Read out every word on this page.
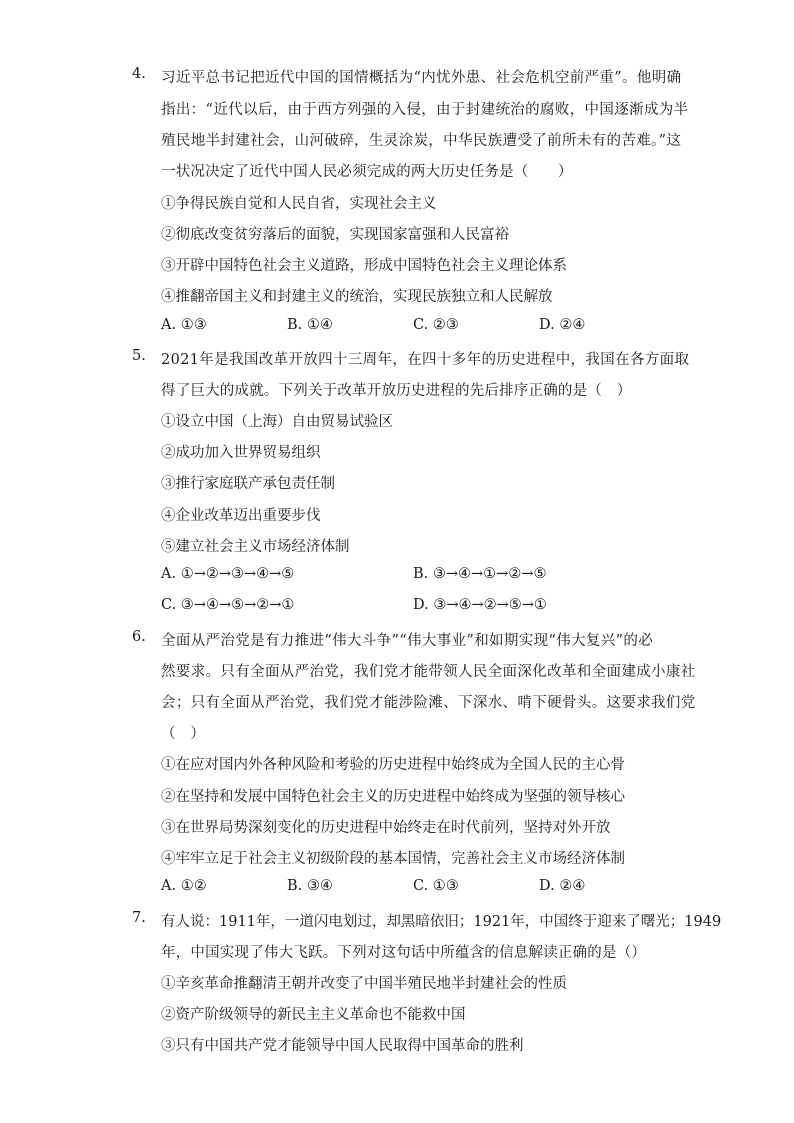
4.	习近平总书记把近代中国的国情概括为“内忧外患、社会危机空前严重”。他明确
指出：“近代以后，由于西方列强的入侵，由于封建统治的腐败，中国逐渐成为半
殖民地半封建社会，山河破碎，生灵涂炭，中华民族遭受了前所未有的苦难。”这
一状况决定了近代中国人民必须完成的两大历史任务是（　　）
①争得民族自觉和人民自省，实现社会主义
②彻底改变贫穷落后的面貌，实现国家富强和人民富裕
③开辟中国特色社会主义道路，形成中国特色社会主义理论体系
④推翻帝国主义和封建主义的统治，实现民族独立和人民解放
A. ①③	B. ①④	C. ②③	D. ②④
5.	2021年是我国改革开放四十三周年，在四十多年的历史进程中，我国在各方面取
得了巨大的成就。下列关于改革开放历史进程的先后排序正确的是（　）
①设立中国（上海）自由贸易试验区
②成功加入世界贸易组织
③推行家庭联产承包责任制
④企业改革迈出重要步伐
⑤建立社会主义市场经济体制
A. ①→②→③→④→⑤	B. ③→④→①→②→⑤
C. ③→④→⑤→②→①	D. ③→④→②→⑤→①
6.	全面从严治党是有力推进“伟大斗争”“伟大事业”和如期实现“伟大复兴”的必
然要求。只有全面从严治党，我们党才能带领人民全面深化改革和全面建成小康社
会；只有全面从严治党，我们党才能涉险滩、下深水、啃下硬骨头。这要求我们党
（　）
①在应对国内外各种风险和考验的历史进程中始终成为全国人民的主心骨
②在坚持和发展中国特色社会主义的历史进程中始终成为坚强的领导核心
③在世界局势深刻变化的历史进程中始终走在时代前列，坚持对外开放
④牢牢立足于社会主义初级阶段的基本国情，完善社会主义市场经济体制
A. ①②	B. ③④	C. ①③	D. ②④
7.	有人说：1911年，一道闪电划过，却黑暗依旧；1921年，中国终于迎来了曙光；1949
年，中国实现了伟大飞跃。下列对这句话中所蕴含的信息解读正确的是（）
①辛亥革命推翻清王朝并改变了中国半殖民地半封建社会的性质
②资产阶级领导的新民主主义革命也不能救中国
③只有中国共产党才能领导中国人民取得中国革命的胜利
